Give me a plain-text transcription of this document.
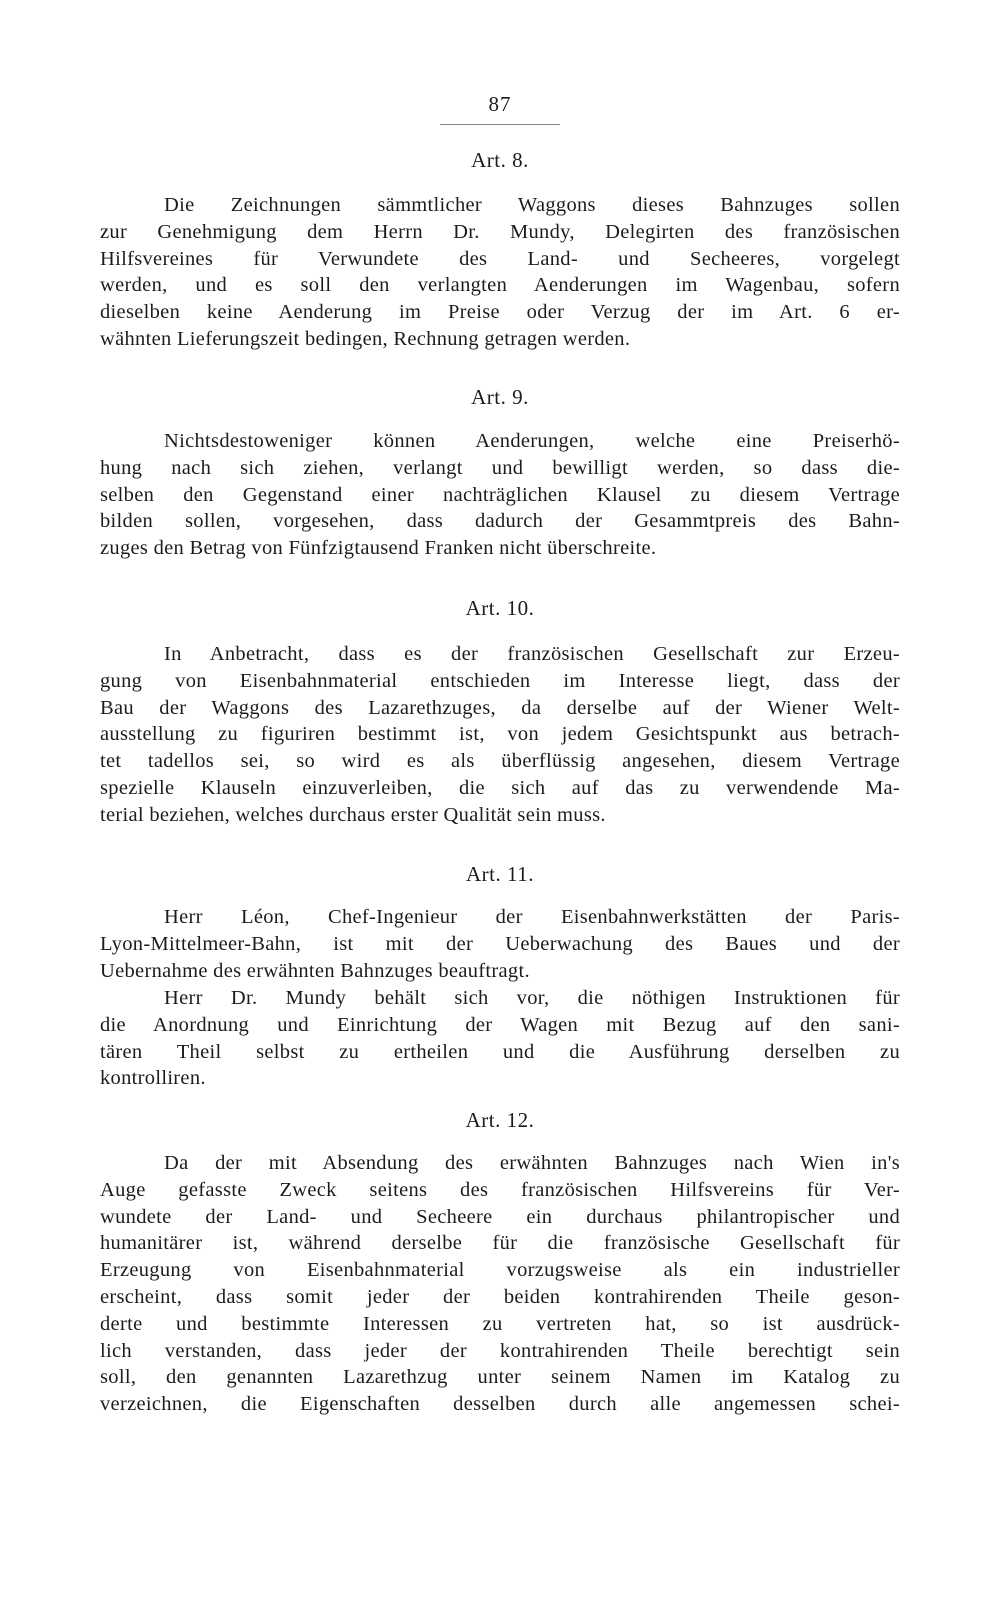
87
Art. 8.
Die Zeichnungen sämmtlicher Waggons dieses Bahnzuges sollen
zur Genehmigung dem Herrn Dr. Mundy, Delegirten des französischen
Hilfsvereines für Verwundete des Land- und Secheeres, vorgelegt
werden, und es soll den verlangten Aenderungen im Wagenbau, sofern
dieselben keine Aenderung im Preise oder Verzug der im Art. 6 er-
wähnten Lieferungszeit bedingen, Rechnung getragen werden.
Art. 9.
Nichtsdestoweniger können Aenderungen, welche eine Preiserhö-
hung nach sich ziehen, verlangt und bewilligt werden, so dass die-
selben den Gegenstand einer nachträglichen Klausel zu diesem Vertrage
bilden sollen, vorgesehen, dass dadurch der Gesammtpreis des Bahn-
zuges den Betrag von Fünfzigtausend Franken nicht überschreite.
Art. 10.
In Anbetracht, dass es der französischen Gesellschaft zur Erzeu-
gung von Eisenbahnmaterial entschieden im Interesse liegt, dass der
Bau der Waggons des Lazarethzuges, da derselbe auf der Wiener Welt-
ausstellung zu figuriren bestimmt ist, von jedem Gesichtspunkt aus betrach-
tet tadellos sei, so wird es als überflüssig angesehen, diesem Vertrage
spezielle Klauseln einzuverleiben, die sich auf das zu verwendende Ma-
terial beziehen, welches durchaus erster Qualität sein muss.
Art. 11.
Herr Léon, Chef-Ingenieur der Eisenbahnwerkstätten der Paris-
Lyon-Mittelmeer-Bahn, ist mit der Ueberwachung des Baues und der
Uebernahme des erwähnten Bahnzuges beauftragt.
Herr Dr. Mundy behält sich vor, die nöthigen Instruktionen für
die Anordnung und Einrichtung der Wagen mit Bezug auf den sani-
tären Theil selbst zu ertheilen und die Ausführung derselben zu
kontrolliren.
Art. 12.
Da der mit Absendung des erwähnten Bahnzuges nach Wien in's
Auge gefasste Zweck seitens des französischen Hilfsvereins für Ver-
wundete der Land- und Secheere ein durchaus philantropischer und
humanitärer ist, während derselbe für die französische Gesellschaft für
Erzeugung von Eisenbahnmaterial vorzugsweise als ein industrieller
erscheint, dass somit jeder der beiden kontrahirenden Theile geson-
derte und bestimmte Interessen zu vertreten hat, so ist ausdrück-
lich verstanden, dass jeder der kontrahirenden Theile berechtigt sein
soll, den genannten Lazarethzug unter seinem Namen im Katalog zu
verzeichnen, die Eigenschaften desselben durch alle angemessen schei-
